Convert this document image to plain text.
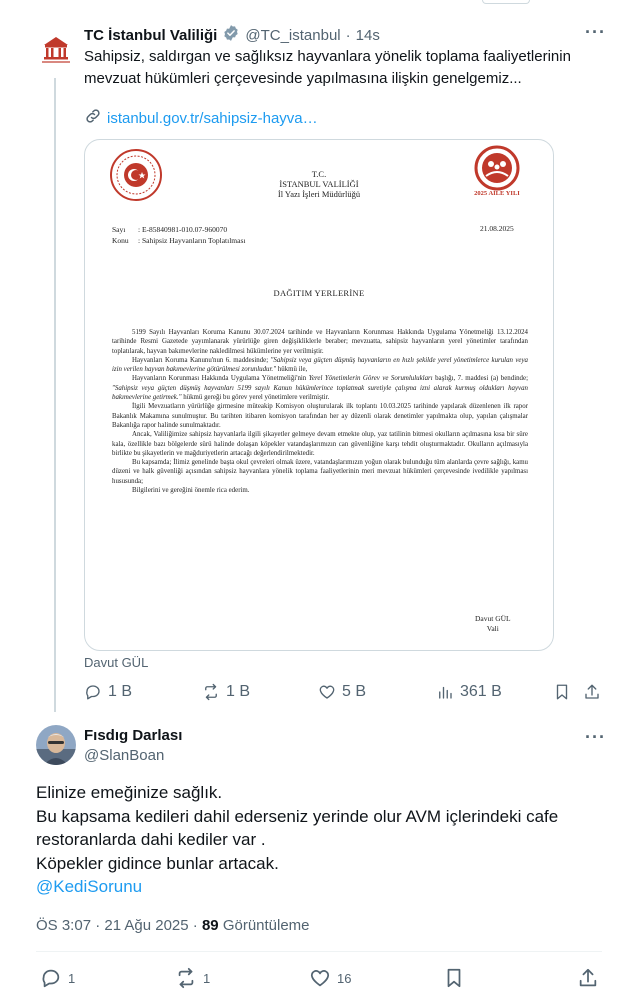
TC İstanbul Valiliği @TC_istanbul · 14s	···
Sahipsiz, saldırgan ve sağlıksız hayvanlara yönelik toplama faaliyetlerinin
mevzuat hükümleri çerçevesinde yapılmasına ilişkin genelgemiz...
istanbul.gov.tr/sahipsiz-hayva…
2025 AİLE YILI
T.C.
İSTANBUL VALİLİĞİ
İl Yazı İşleri Müdürlüğü
Sayı : E-85840981-010.07-960070
Konu : Sahipsiz Hayvanların Toplatılması
21.08.2025
DAĞITIM YERLERİNE

5199 Sayılı Hayvanları Koruma Kanunu 30.07.2024 tarihinde ve Hayvanların Korunması Hakkında Uygulama Yönetmeliği 13.12.2024 tarihinde Resmi Gazetede yayımlanarak yürürlüğe giren değişikliklerle beraber; mevzuatta, sahipsiz hayvanların yerel yönetimler tarafından toplatılarak, hayvan bakımevlerine nakledilmesi hükümlerine yer verilmiştir.

Hayvanları Koruma Kanunu'nun 6. maddesinde; "Sahipsiz veya güçten düşmüş hayvanların en hızlı şekilde yerel yönetimlerce kurulan veya izin verilen hayvan bakımevlerine götürülmesi zorunludur." hükmü ile,

Hayvanların Korunması Hakkında Uygulama Yönetmeliği'nin Yerel Yönetimlerin Görev ve Sorumlulukları başlığı, 7. maddesi (a) bendinde; "Sahipsiz veya güçten düşmüş hayvanları 5199 sayılı Kanun hükümlerince toplatmak suretiyle çalışma izni alarak kurmuş oldukları hayvan bakımevlerine getirmek." hükmü gereği bu görev yerel yönetimlere verilmiştir.

İlgili Mevzuatların yürürlüğe girmesine müteakip Komisyon oluşturularak ilk toplantı 10.03.2025 tarihinde yapılarak düzenlenen ilk rapor Bakanlık Makamına sunulmuştur. Bu tarihten itibaren komisyon tarafından her ay düzenli olarak denetimler yapılmakta olup, yapılan çalışmalar Bakanlığa rapor halinde sunulmaktadır.

Ancak, Valiliğimize sahipsiz hayvanlarla ilgili şikayetler gelmeye devam etmekte olup, yaz tatilinin bitmesi okulların açılmasına kısa bir süre kala, özellikle bazı bölgelerde sürü halinde dolaşan köpekler vatandaşlarımızın can güvenliğine karşı tehdit oluşturmaktadır. Okulların açılmasıyla birlikte bu şikayetlerin ve mağduriyetlerin artacağı değerlendirilmektedir.

Bu kapsamda; İlimiz genelinde başta okul çevreleri olmak üzere, vatandaşlarımızın yoğun olarak bulunduğu tüm alanlarda çevre sağlığı, kamu düzeni ve halk güvenliği açısından sahipsiz hayvanlara yönelik toplama faaliyetlerinin meri mevzuat hükümleri çerçevesinde ivedilikle yapılması hususunda;

Bilgilerini ve gereğini önemle rica ederim.

Davut GÜL
Vali
Davut GÜL
1 B	1 B	5 B	361 B
Fısdıg Darlası
@SlanBoan
···
Elinize emeğinize sağlık.
Bu kapsama kedileri dahil ederseniz yerinde olur AVM içlerindeki cafe
restoranlarda dahi kediler var .
Köpekler gidince bunlar artacak.
@KediSorunu
ÖS 3:07 · 21 Ağu 2025 · 89 Görüntüleme
1	1	16
